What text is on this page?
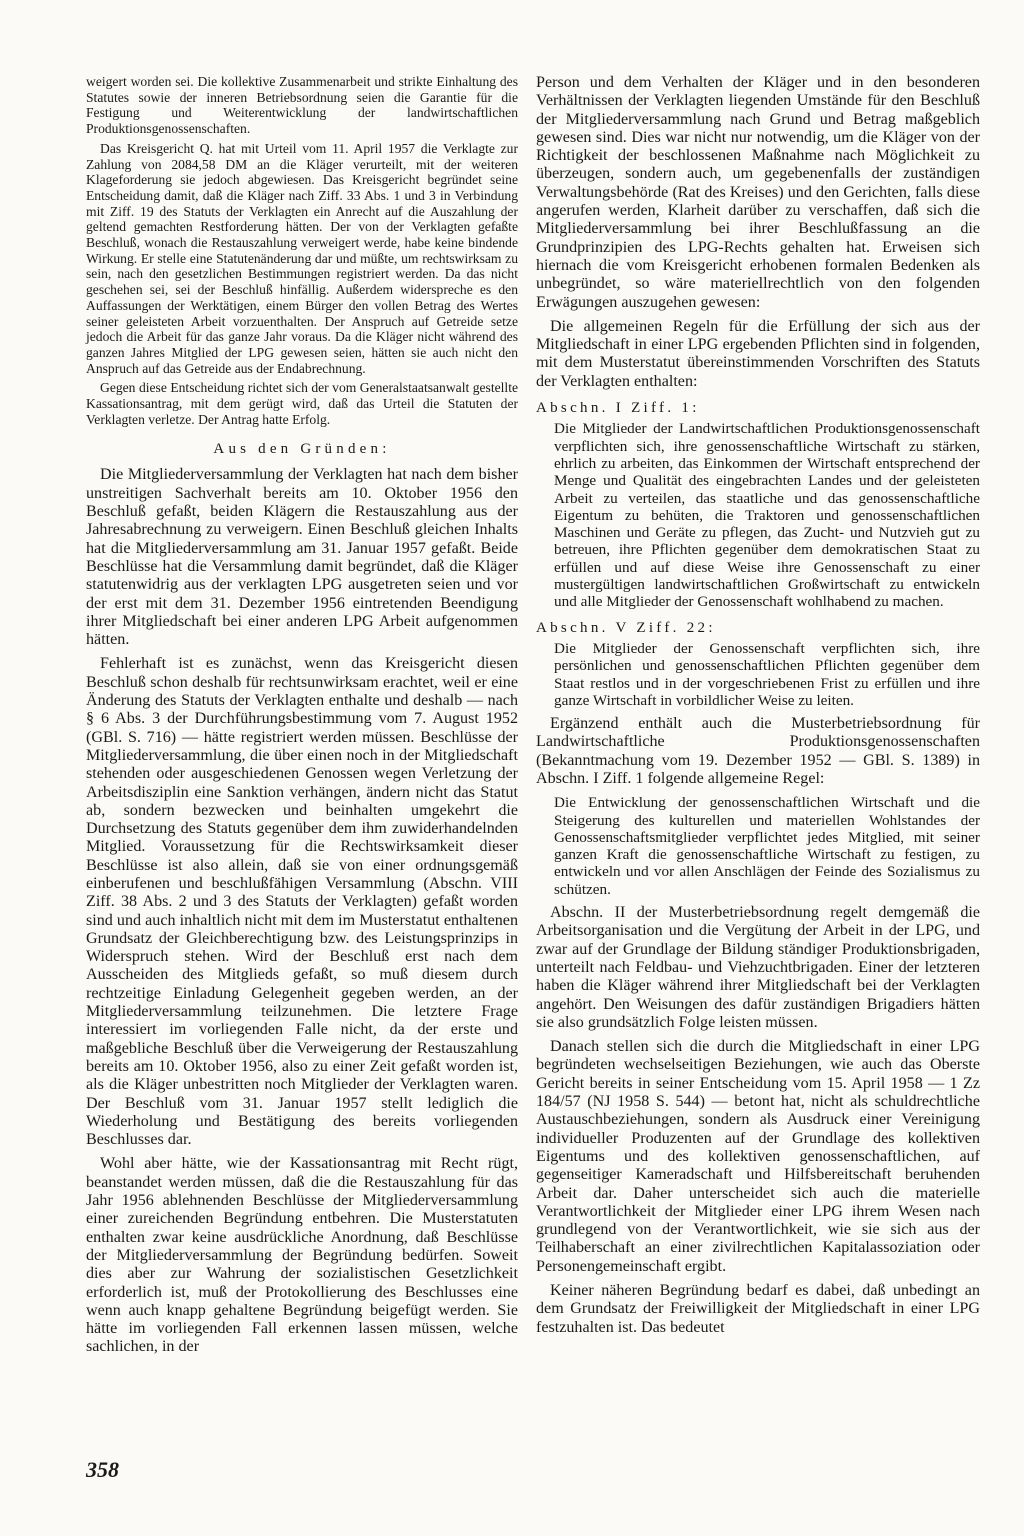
weigert worden sei. Die kollektive Zusammenarbeit und strikte Einhaltung des Statutes sowie der inneren Betriebsordnung seien die Garantie für die Festigung und Weiterentwicklung der landwirtschaftlichen Produktionsgenossenschaften.

Das Kreisgericht Q. hat mit Urteil vom 11. April 1957 die Verklagte zur Zahlung von 2084,58 DM an die Kläger verurteilt, mit der weiteren Klageforderung sie jedoch abgewiesen. Das Kreisgericht begründet seine Entscheidung damit, daß die Kläger nach Ziff. 33 Abs. 1 und 3 in Verbindung mit Ziff. 19 des Statuts der Verklagten ein Anrecht auf die Auszahlung der geltend gemachten Restforderung hätten. Der von der Verklagten gefaßte Beschluß, wonach die Restauszahlung verweigert werde, habe keine bindende Wirkung. Er stelle eine Statutenänderung dar und müßte, um rechtswirksam zu sein, nach den gesetzlichen Bestimmungen registriert werden. Da das nicht geschehen sei, sei der Beschluß hinfällig. Außerdem widerspreche es den Auffassungen der Werktätigen, einem Bürger den vollen Betrag des Wertes seiner geleisteten Arbeit vorzuenthalten. Der Anspruch auf Getreide setze jedoch die Arbeit für das ganze Jahr voraus. Da die Kläger nicht während des ganzen Jahres Mitglied der LPG gewesen seien, hätten sie auch nicht den Anspruch auf das Getreide aus der Endabrechnung.

Gegen diese Entscheidung richtet sich der vom Generalstaatsanwalt gestellte Kassationsantrag, mit dem gerügt wird, daß das Urteil die Statuten der Verklagten verletze. Der Antrag hatte Erfolg.

Aus den Gründen:

Die Mitgliederversammlung der Verklagten hat nach dem bisher unstreitigen Sachverhalt bereits am 10. Oktober 1956 den Beschluß gefaßt, beiden Klägern die Restauszahlung aus der Jahresabrechnung zu verweigern. Einen Beschluß gleichen Inhalts hat die Mitgliederversammlung am 31. Januar 1957 gefaßt. Beide Beschlüsse hat die Versammlung damit begründet, daß die Kläger statutenwidrig aus der verklagten LPG ausgetreten seien und vor der erst mit dem 31. Dezember 1956 eintretenden Beendigung ihrer Mitgliedschaft bei einer anderen LPG Arbeit aufgenommen hätten.

Fehlerhaft ist es zunächst, wenn das Kreisgericht diesen Beschluß schon deshalb für rechtsunwirksam erachtet, weil er eine Änderung des Statuts der Verklagten enthalte und deshalb — nach § 6 Abs. 3 der Durchführungsbestimmung vom 7. August 1952 (GBl. S. 716) — hätte registriert werden müssen. Beschlüsse der Mitgliederversammlung, die über einen noch in der Mitgliedschaft stehenden oder ausgeschiedenen Genossen wegen Verletzung der Arbeitsdisziplin eine Sanktion verhängen, ändern nicht das Statut ab, sondern bezwecken und beinhalten umgekehrt die Durchsetzung des Statuts gegenüber dem ihm zuwiderhandelnden Mitglied. Voraussetzung für die Rechtswirksamkeit dieser Beschlüsse ist also allein, daß sie von einer ordnungsgemäß einberufenen und beschlußfähigen Versammlung (Abschn. VIII Ziff. 38 Abs. 2 und 3 des Statuts der Verklagten) gefaßt worden sind und auch inhaltlich nicht mit dem im Musterstatut enthaltenen Grundsatz der Gleichberechtigung bzw. des Leistungsprinzips in Widerspruch stehen. Wird der Beschluß erst nach dem Ausscheiden des Mitglieds gefaßt, so muß diesem durch rechtzeitige Einladung Gelegenheit gegeben werden, an der Mitgliederversammlung teilzunehmen. Die letztere Frage interessiert im vorliegenden Falle nicht, da der erste und maßgebliche Beschluß über die Verweigerung der Restauszahlung bereits am 10. Oktober 1956, also zu einer Zeit gefaßt worden ist, als die Kläger unbestritten noch Mitglieder der Verklagten waren. Der Beschluß vom 31. Januar 1957 stellt lediglich die Wiederholung und Bestätigung des bereits vorliegenden Beschlusses dar.

Wohl aber hätte, wie der Kassationsantrag mit Recht rügt, beanstandet werden müssen, daß die die Restauszahlung für das Jahr 1956 ablehnenden Beschlüsse der Mitgliederversammlung einer zureichenden Begründung entbehren. Die Musterstatuten enthalten zwar keine ausdrückliche Anordnung, daß Beschlüsse der Mitgliederversammlung der Begründung bedürfen. Soweit dies aber zur Wahrung der sozialistischen Gesetzlichkeit erforderlich ist, muß der Protokollierung des Beschlusses eine wenn auch knapp gehaltene Begründung beigefügt werden. Sie hätte im vorliegenden Fall erkennen lassen müssen, welche sachlichen, in der

Person und dem Verhalten der Kläger und in den besonderen Verhältnissen der Verklagten liegenden Umstände für den Beschluß der Mitgliederversammlung nach Grund und Betrag maßgeblich gewesen sind. Dies war nicht nur notwendig, um die Kläger von der Richtigkeit der beschlossenen Maßnahme nach Möglichkeit zu überzeugen, sondern auch, um gegebenenfalls der zuständigen Verwaltungsbehörde (Rat des Kreises) und den Gerichten, falls diese angerufen werden, Klarheit darüber zu verschaffen, daß sich die Mitgliederversammlung bei ihrer Beschlußfassung an die Grundprinzipien des LPG-Rechts gehalten hat. Erweisen sich hiernach die vom Kreisgericht erhobenen formalen Bedenken als unbegründet, so wäre materiellrechtlich von den folgenden Erwägungen auszugehen gewesen:

Die allgemeinen Regeln für die Erfüllung der sich aus der Mitgliedschaft in einer LPG ergebenden Pflichten sind in folgenden, mit dem Musterstatut übereinstimmenden Vorschriften des Statuts der Verklagten enthalten:

Abschn. I Ziff. 1:

Die Mitglieder der Landwirtschaftlichen Produktionsgenossenschaft verpflichten sich, ihre genossenschaftliche Wirtschaft zu stärken, ehrlich zu arbeiten, das Einkommen der Wirtschaft entsprechend der Menge und Qualität des eingebrachten Landes und der geleisteten Arbeit zu verteilen, das staatliche und das genossenschaftliche Eigentum zu behüten, die Traktoren und genossenschaftlichen Maschinen und Geräte zu pflegen, das Zucht- und Nutzvieh gut zu betreuen, ihre Pflichten gegenüber dem demokratischen Staat zu erfüllen und auf diese Weise ihre Genossenschaft zu einer mustergültigen landwirtschaftlichen Großwirtschaft zu entwickeln und alle Mitglieder der Genossenschaft wohlhabend zu machen.

Abschn. V Ziff. 22:

Die Mitglieder der Genossenschaft verpflichten sich, ihre persönlichen und genossenschaftlichen Pflichten gegenüber dem Staat restlos und in der vorgeschriebenen Frist zu erfüllen und ihre ganze Wirtschaft in vorbildlicher Weise zu leiten.

Ergänzend enthält auch die Musterbetriebsordnung für Landwirtschaftliche Produktionsgenossenschaften (Bekanntmachung vom 19. Dezember 1952 — GBl. S. 1389) in Abschn. I Ziff. 1 folgende allgemeine Regel:

Die Entwicklung der genossenschaftlichen Wirtschaft und die Steigerung des kulturellen und materiellen Wohlstandes der Genossenschaftsmitglieder verpflichtet jedes Mitglied, mit seiner ganzen Kraft die genossenschaftliche Wirtschaft zu festigen, zu entwickeln und vor allen Anschlägen der Feinde des Sozialismus zu schützen.

Abschn. II der Musterbetriebsordnung regelt demgemäß die Arbeitsorganisation und die Vergütung der Arbeit in der LPG, und zwar auf der Grundlage der Bildung ständiger Produktionsbrigaden, unterteilt nach Feldbau- und Viehzuchtbrigaden. Einer der letzteren haben die Kläger während ihrer Mitgliedschaft bei der Verklagten angehört. Den Weisungen des dafür zuständigen Brigadiers hätten sie also grundsätzlich Folge leisten müssen.

Danach stellen sich die durch die Mitgliedschaft in einer LPG begründeten wechselseitigen Beziehungen, wie auch das Oberste Gericht bereits in seiner Entscheidung vom 15. April 1958 — 1 Zz 184/57 (NJ 1958 S. 544) — betont hat, nicht als schuldrechtliche Austauschbeziehungen, sondern als Ausdruck einer Vereinigung individueller Produzenten auf der Grundlage des kollektiven Eigentums und des kollektiven genossenschaftlichen, auf gegenseitiger Kameradschaft und Hilfsbereitschaft beruhenden Arbeit dar. Daher unterscheidet sich auch die materielle Verantwortlichkeit der Mitglieder einer LPG ihrem Wesen nach grundlegend von der Verantwortlichkeit, wie sie sich aus der Teilhaberschaft an einer zivilrechtlichen Kapitalassoziation oder Personengemeinschaft ergibt.

Keiner näheren Begründung bedarf es dabei, daß unbedingt an dem Grundsatz der Freiwilligkeit der Mitgliedschaft in einer LPG festzuhalten ist. Das bedeutet

358
